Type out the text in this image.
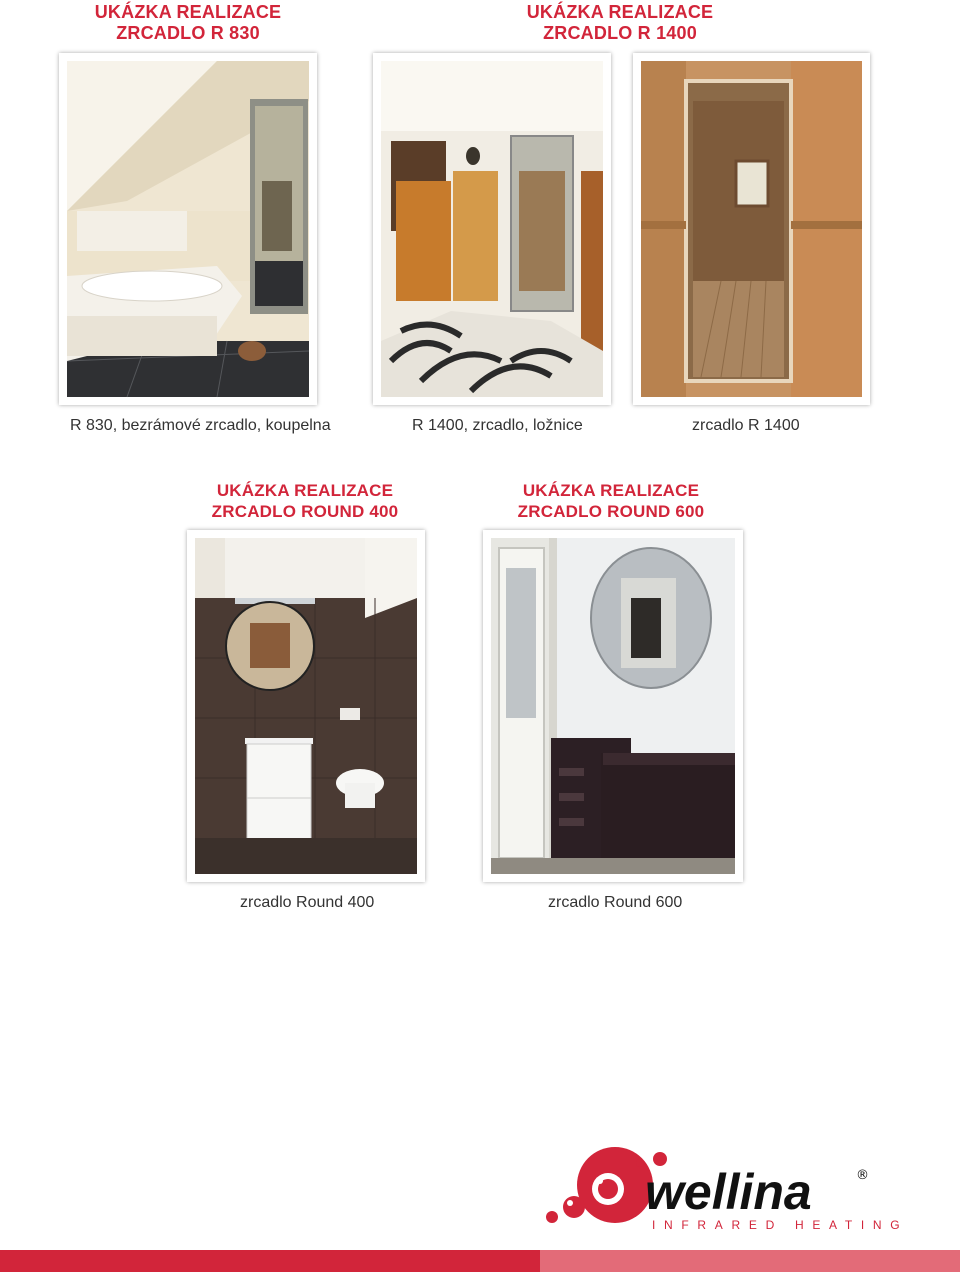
UKÁZKA REALIZACE
ZRCADLO R 830
UKÁZKA REALIZACE
ZRCADLO R 1400
UKÁZKA REALIZACE
ZRCADLO ROUND 400
UKÁZKA REALIZACE
ZRCADLO ROUND 600
R 830, bezrámové zrcadlo, koupelna	R 1400, zrcadlo, ložnice	zrcadlo R 1400
zrcadlo Round 400	zrcadlo Round 600
wellina	®
INFRARED HEATING
